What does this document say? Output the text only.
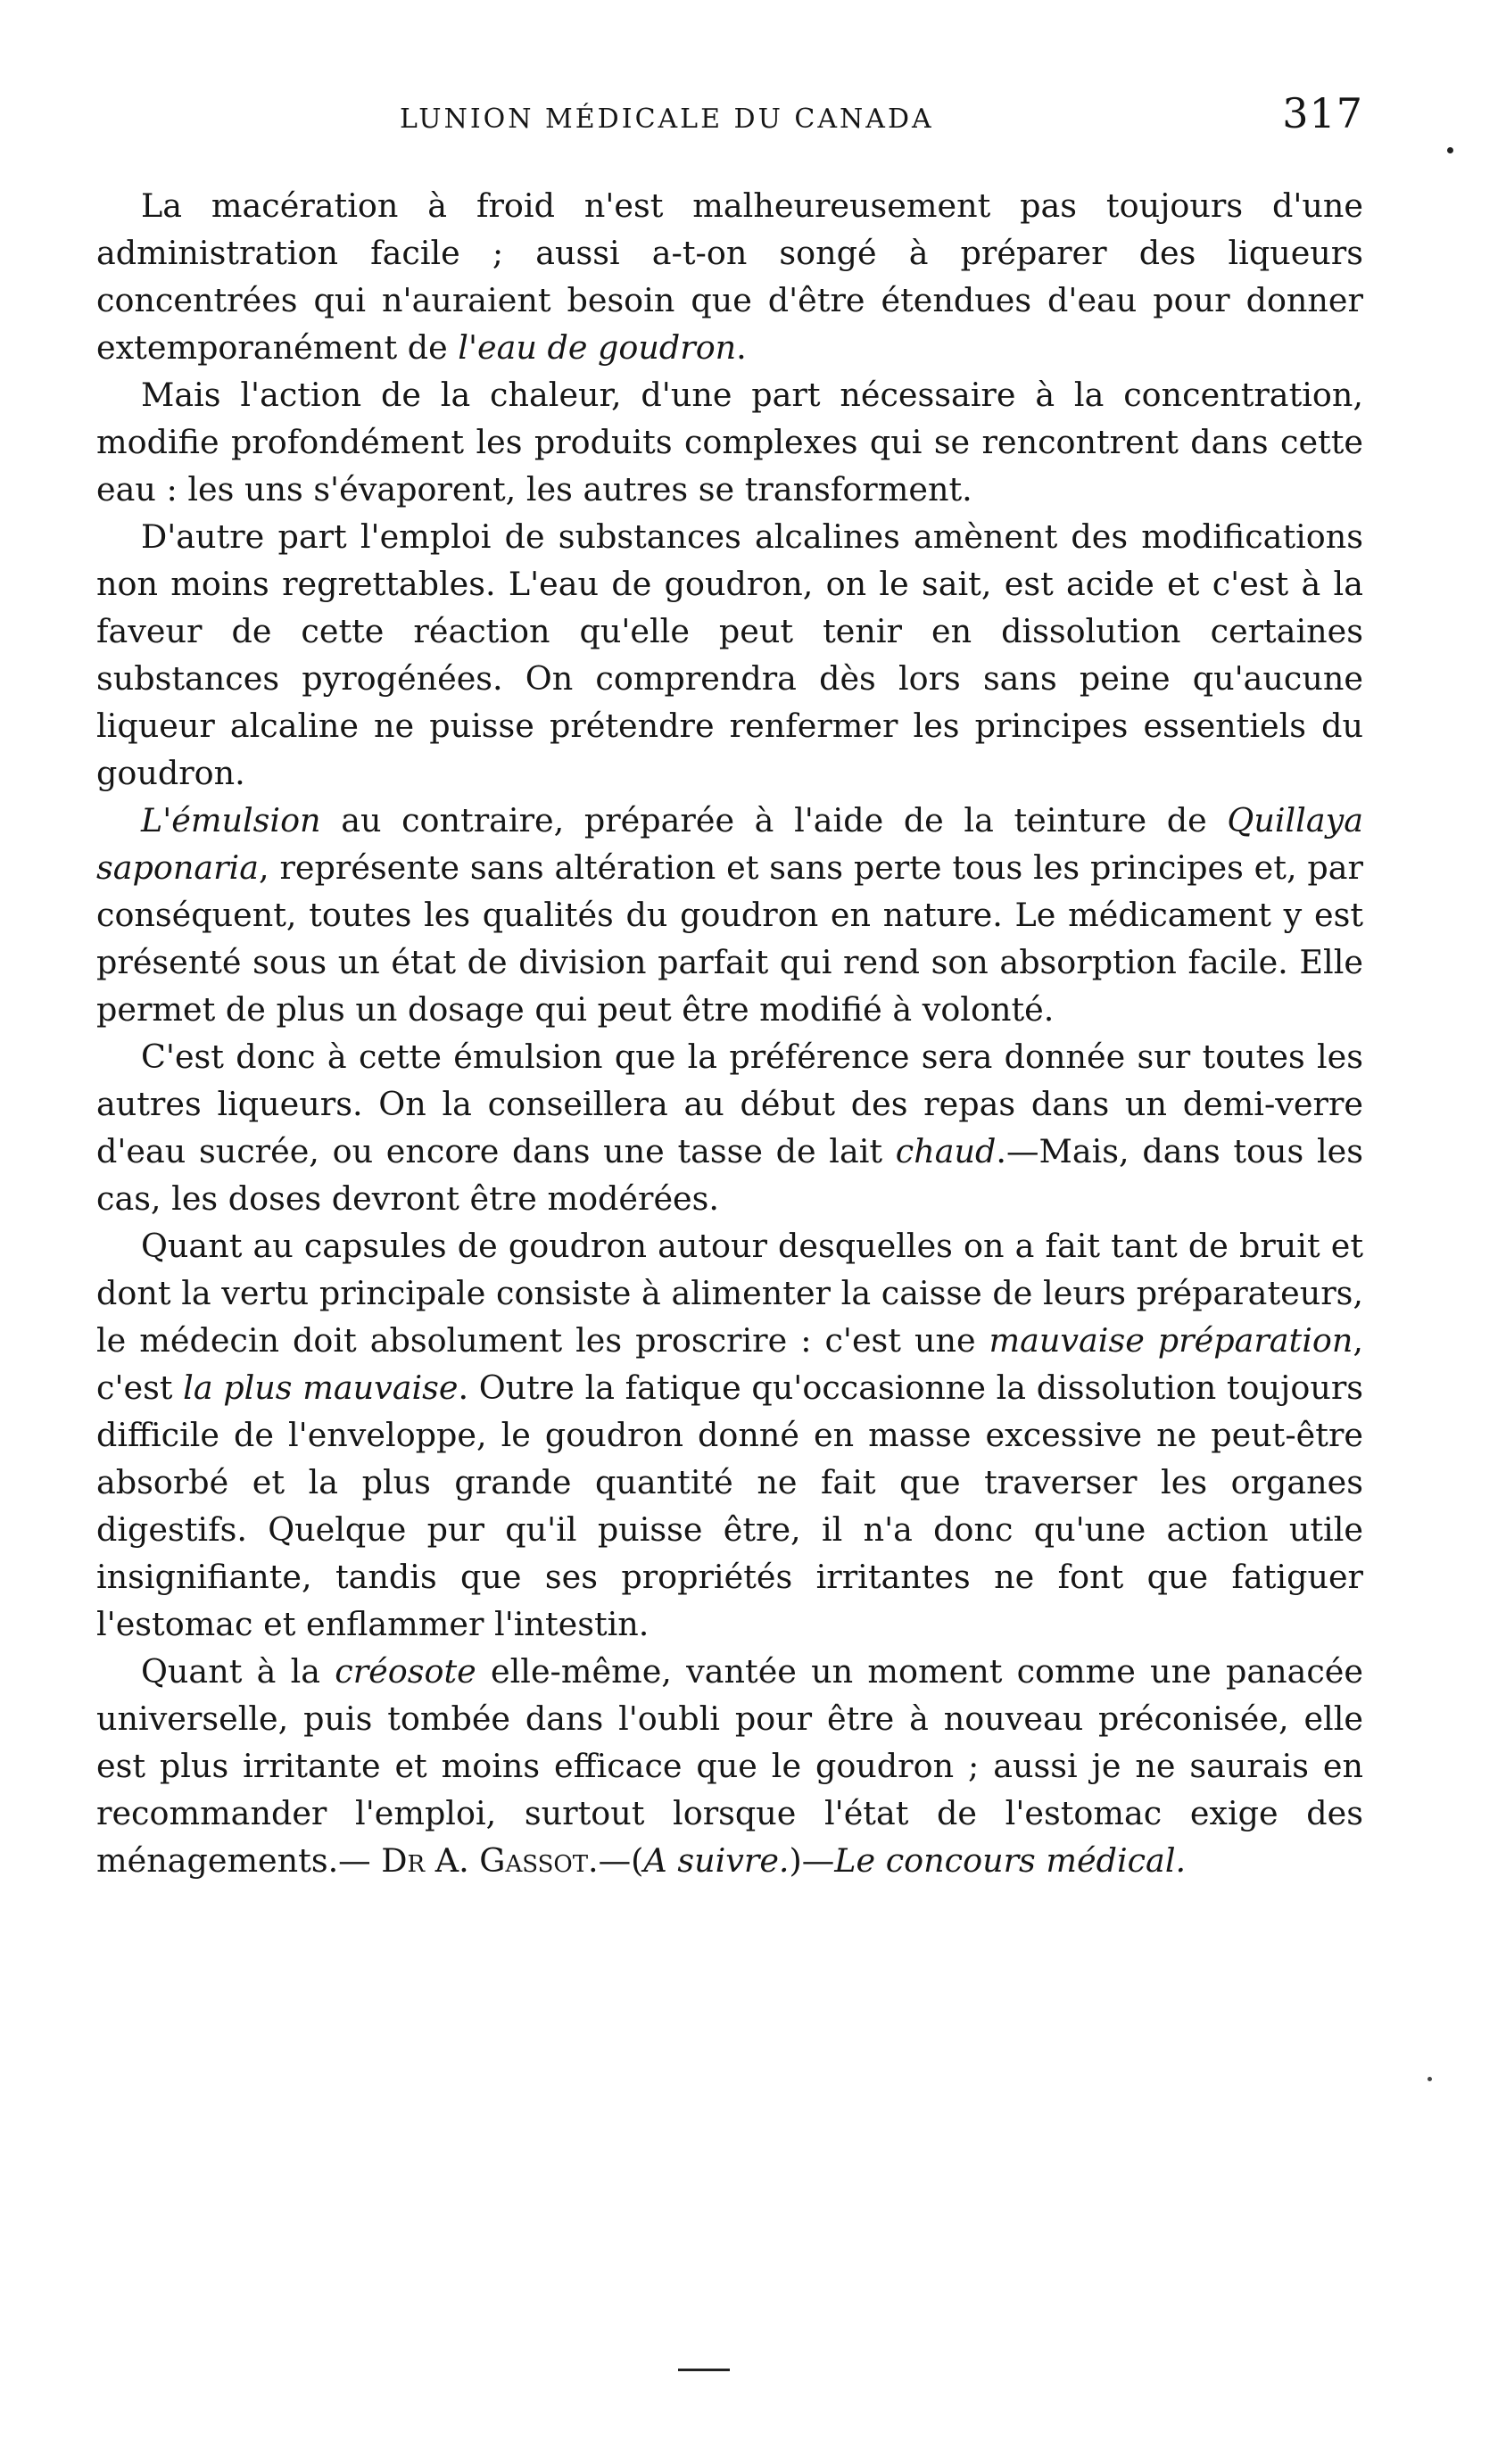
LUNION MÉDICALE DU CANADA	317

La macération à froid n'est malheureusement pas toujours d'une administration facile ; aussi a-t-on songé à préparer des liqueurs concentrées qui n'auraient besoin que d'être étendues d'eau pour donner extemporanément de l'eau de goudron.

Mais l'action de la chaleur, d'une part nécessaire à la concentration, modifie profondément les produits complexes qui se rencontrent dans cette eau : les uns s'évaporent, les autres se transforment.

D'autre part l'emploi de substances alcalines amènent des modifications non moins regrettables. L'eau de goudron, on le sait, est acide et c'est à la faveur de cette réaction qu'elle peut tenir en dissolution certaines substances pyrogénées. On comprendra dès lors sans peine qu'aucune liqueur alcaline ne puisse prétendre renfermer les principes essentiels du goudron.

L'émulsion au contraire, préparée à l'aide de la teinture de Quillaya saponaria, représente sans altération et sans perte tous les principes et, par conséquent, toutes les qualités du goudron en nature. Le médicament y est présenté sous un état de division parfait qui rend son absorption facile. Elle permet de plus un dosage qui peut être modifié à volonté.

C'est donc à cette émulsion que la préférence sera donnée sur toutes les autres liqueurs. On la conseillera au début des repas dans un demi-verre d'eau sucrée, ou encore dans une tasse de lait chaud.—Mais, dans tous les cas, les doses devront être modérées.

Quant au capsules de goudron autour desquelles on a fait tant de bruit et dont la vertu principale consiste à alimenter la caisse de leurs préparateurs, le médecin doit absolument les proscrire : c'est une mauvaise préparation, c'est la plus mauvaise. Outre la fatique qu'occasionne la dissolution toujours difficile de l'enveloppe, le goudron donné en masse excessive ne peut-être absorbé et la plus grande quantité ne fait que traverser les organes digestifs. Quelque pur qu'il puisse être, il n'a donc qu'une action utile insignifiante, tandis que ses propriétés irritantes ne font que fatiguer l'estomac et enflammer l'intestin.

Quant à la créosote elle-même, vantée un moment comme une panacée universelle, puis tombée dans l'oubli pour être à nouveau préconisée, elle est plus irritante et moins efficace que le goudron ; aussi je ne saurais en recommander l'emploi, surtout lorsque l'état de l'estomac exige des ménagements.— Dr A. Gassot.—(A suivre.)—Le concours médical.
